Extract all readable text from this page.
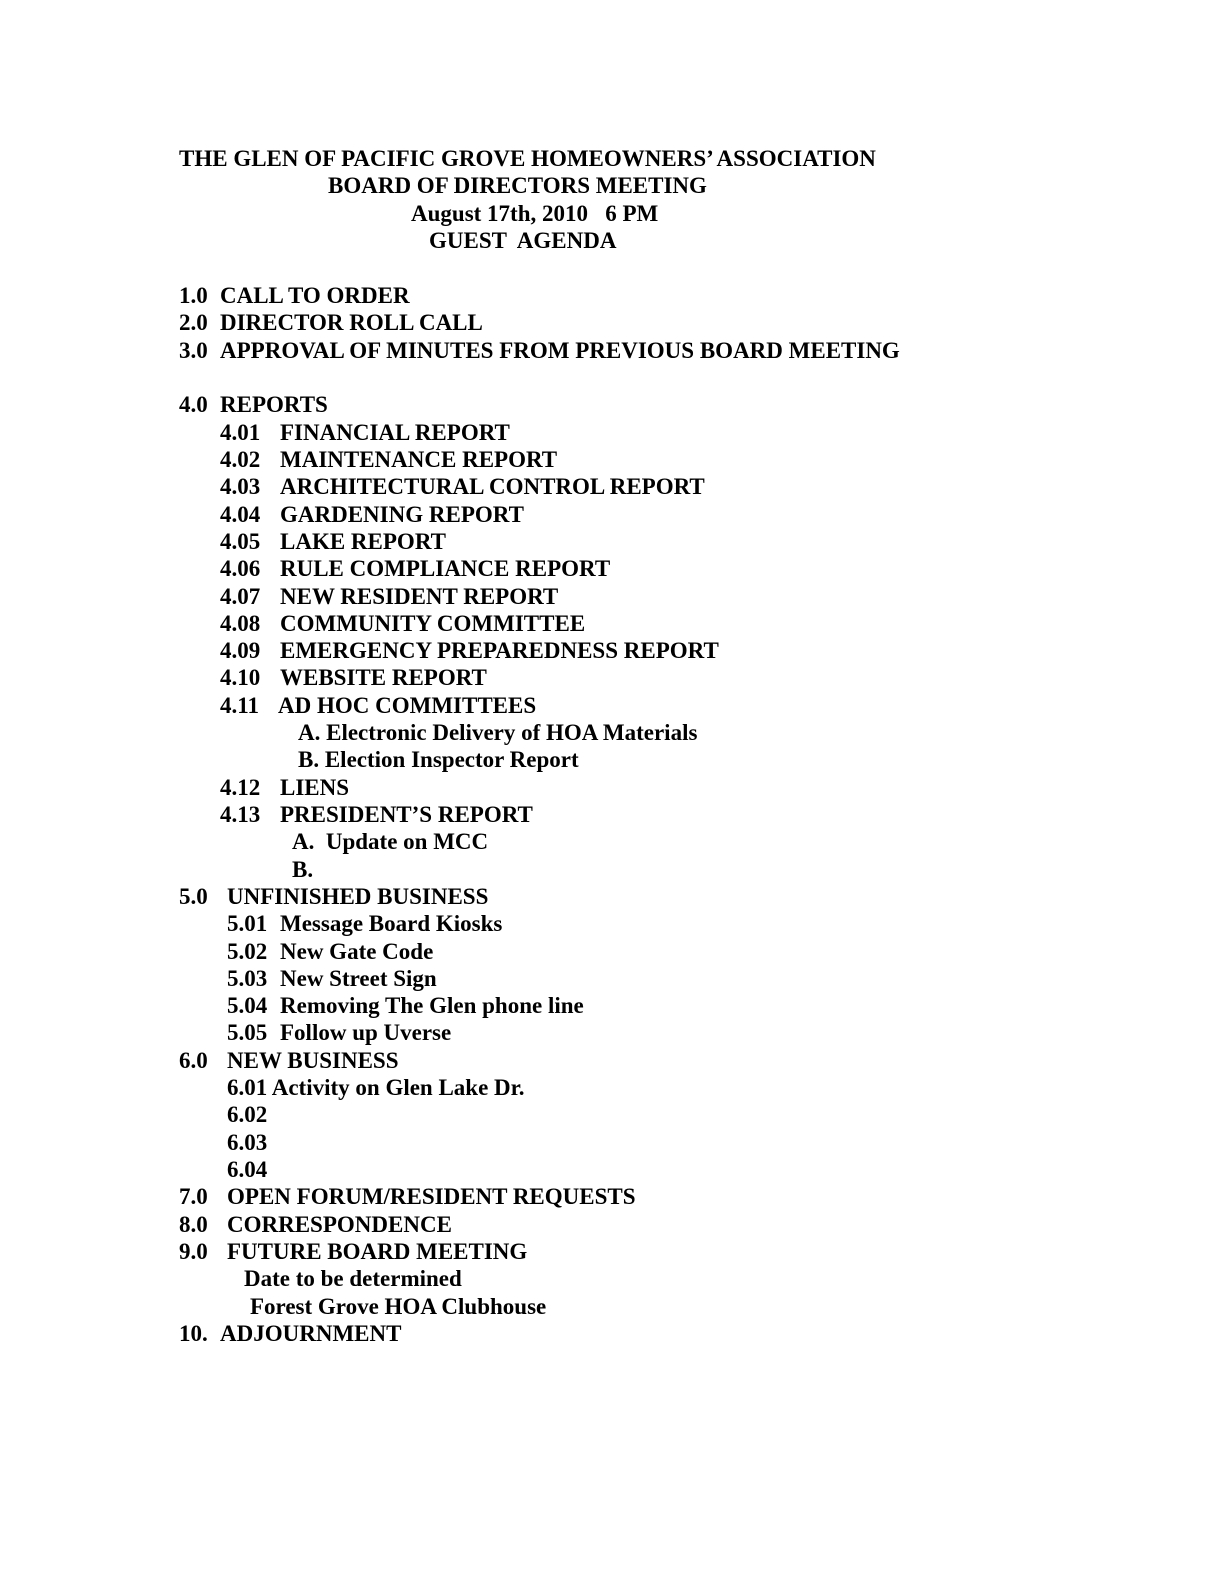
THE GLEN OF PACIFIC GROVE HOMEOWNERS’ ASSOCIATION
BOARD OF DIRECTORS MEETING
August 17th, 2010   6 PM
GUEST  AGENDA
1.0 CALL TO ORDER
2.0 DIRECTOR ROLL CALL
3.0 APPROVAL OF MINUTES FROM PREVIOUS BOARD MEETING
4.0 REPORTS
4.01 FINANCIAL REPORT
4.02 MAINTENANCE REPORT
4.03 ARCHITECTURAL CONTROL REPORT
4.04 GARDENING REPORT
4.05 LAKE REPORT
4.06 RULE COMPLIANCE REPORT
4.07 NEW RESIDENT REPORT
4.08 COMMUNITY COMMITTEE
4.09 EMERGENCY PREPAREDNESS REPORT
4.10 WEBSITE REPORT
4.11 AD HOC COMMITTEES
A. Electronic Delivery of HOA Materials
B. Election Inspector Report
4.12 LIENS
4.13 PRESIDENT’S REPORT
A.  Update on MCC
B.
5.0 UNFINISHED BUSINESS
5.01 Message Board Kiosks
5.02 New Gate Code
5.03 New Street Sign
5.04 Removing The Glen phone line
5.05 Follow up Uverse
6.0 NEW BUSINESS
6.01 Activity on Glen Lake Dr.
6.02
6.03
6.04
7.0 OPEN FORUM/RESIDENT REQUESTS
8.0 CORRESPONDENCE
9.0 FUTURE BOARD MEETING
Date to be determined
Forest Grove HOA Clubhouse
10. ADJOURNMENT
